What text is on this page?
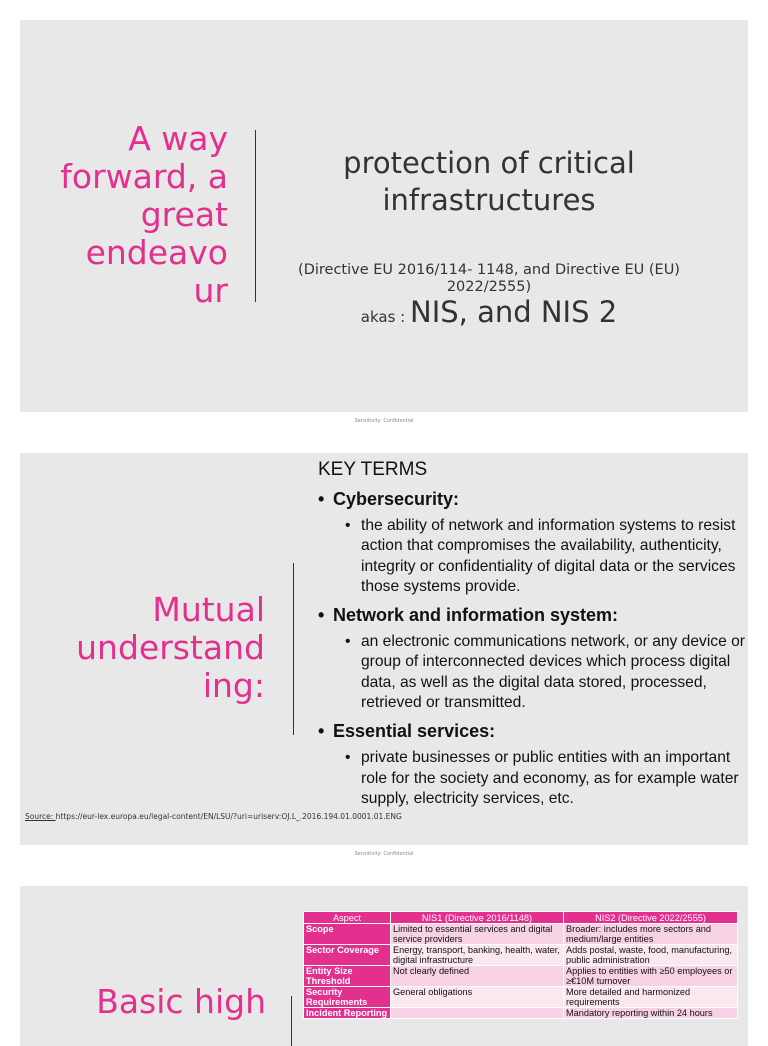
A way forward, a great endeavo ur
protection of critical infrastructures
(Directive EU 2016/114- 1148, and Directive EU (EU) 2022/2555)
akas : NIS, and NIS 2
Sensitivity: Confidential
Mutual understand ing:
KEY TERMS
• Cybersecurity:
• the ability of network and information systems to resist action that compromises the availability, authenticity, integrity or confidentiality of digital data or the services those systems provide.
• Network and information system:
• an electronic communications network, or any device or group of interconnected devices which process digital data, as well as the digital data stored, processed, retrieved or transmitted.
• Essential services:
• private businesses or public entities with an important role for the society and economy, as for example water supply, electricity services, etc.
Source: https://eur-lex.europa.eu/legal-content/EN/LSU/?uri=uriserv:OJ.L_.2016.194.01.0001.01.ENG
Sensitivity: Confidential
Basic high
Aspect	NIS1 (Directive 2016/1148)	NIS2 (Directive 2022/2555)
Scope	Limited to essential services and digital service providers	Broader: includes more sectors and medium/large entities
Sector Coverage	Energy, transport, banking, health, water, digital infrastructure	Adds postal, waste, food, manufacturing, public administration
Entity Size Threshold	Not clearly defined	Applies to entities with ≥50 employees or ≥€10M turnover
Security Requirements	General obligations	More detailed and harmonized requirements
Incident Reporting		Mandatory reporting within 24 hours
